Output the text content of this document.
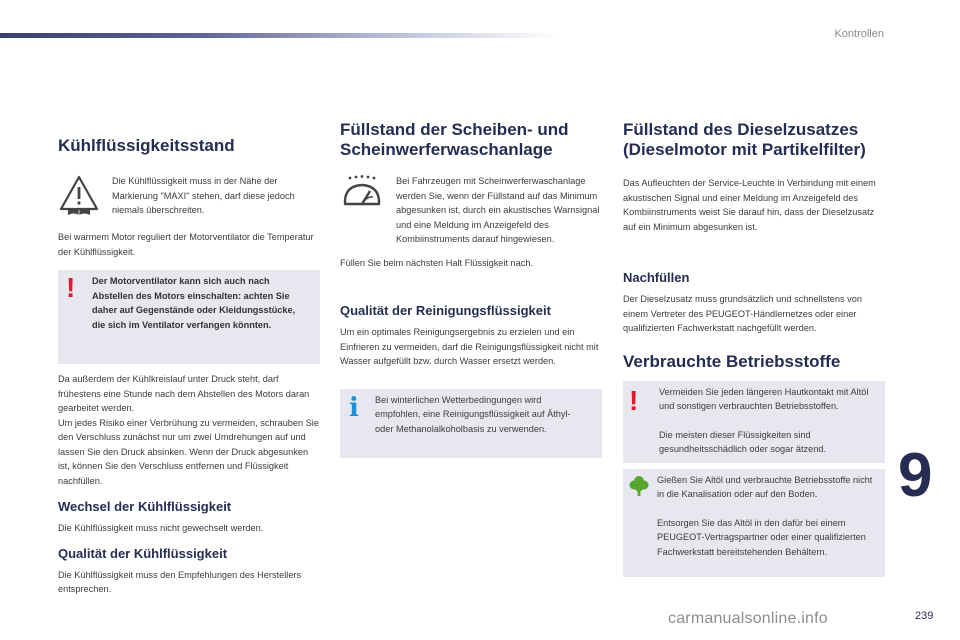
Kontrollen
Kühlflüssigkeitsstand

Die Kühlflüssigkeit muss in der Nähe der Markierung "MAXI" stehen, darf diese jedoch niemals überschreiten.

Bei warmem Motor reguliert der Motorventilator die Temperatur der Kühlflüssigkeit.

! Der Motorventilator kann sich auch nach Abstellen des Motors einschalten: achten Sie daher auf Gegenstände oder Kleidungsstücke, die sich im Ventilator verfangen könnten.

Da außerdem der Kühlkreislauf unter Druck steht, darf frühestens eine Stunde nach dem Abstellen des Motors daran gearbeitet werden.

Um jedes Risiko einer Verbrühung zu vermeiden, schrauben Sie den Verschluss zunächst nur um zwei Umdrehungen auf und lassen Sie den Druck absinken. Wenn der Druck abgesunken ist, können Sie den Verschluss entfernen und Flüssigkeit nachfüllen.

Wechsel der Kühlflüssigkeit

Die Kühlflüssigkeit muss nicht gewechselt werden.

Qualität der Kühlflüssigkeit

Die Kühlflüssigkeit muss den Empfehlungen des Herstellers entsprechen.

Füllstand der Scheiben- und
Scheinwerferwaschanlage

Bei Fahrzeugen mit Scheinwerferwaschanlage werden Sie, wenn der Füllstand auf das Minimum abgesunken ist, durch ein akustisches Warnsignal und eine Meldung im Anzeigefeld des Kombiinstruments darauf hingewiesen.

Füllen Sie beim nächsten Halt Flüssigkeit nach.

Qualität der Reinigungsflüssigkeit

Um ein optimales Reinigungsergebnis zu erzielen und ein Einfrieren zu vermeiden, darf die Reinigungsflüssigkeit nicht mit Wasser aufgefüllt bzw. durch Wasser ersetzt werden.

i Bei winterlichen Wetterbedingungen wird empfohlen, eine Reinigungsflüssigkeit auf Äthyl- oder Methanolalkoholbasis zu verwenden.

Füllstand des Dieselzusatzes
(Dieselmotor mit Partikelfilter)

Das Aufleuchten der Service-Leuchte in Verbindung mit einem akustischen Signal und einer Meldung im Anzeigefeld des Kombiinstruments weist Sie darauf hin, dass der Dieselzusatz auf ein Minimum abgesunken ist.

Nachfüllen

Der Dieselzusatz muss grundsätzlich und schnellstens von einem Vertreter des PEUGEOT-Händlernetzes oder einer qualifizierten Fachwerkstatt nachgefüllt werden.

Verbrauchte Betriebsstoffe
! Vermeiden Sie jeden längeren Hautkontakt mit Altöl und sonstigen verbrauchten Betriebsstoffen.

Die meisten dieser Flüssigkeiten sind gesundheitsschädlich oder sogar ätzend.

Gießen Sie Altöl und verbrauchte Betriebsstoffe nicht in die Kanalisation oder auf den Boden.

Entsorgen Sie das Altöl in den dafür bei einem PEUGEOT-Vertragspartner oder einer qualifizierten Fachwerkstatt bereitstehenden Behältern.

9
carmanualsonline.info	239
